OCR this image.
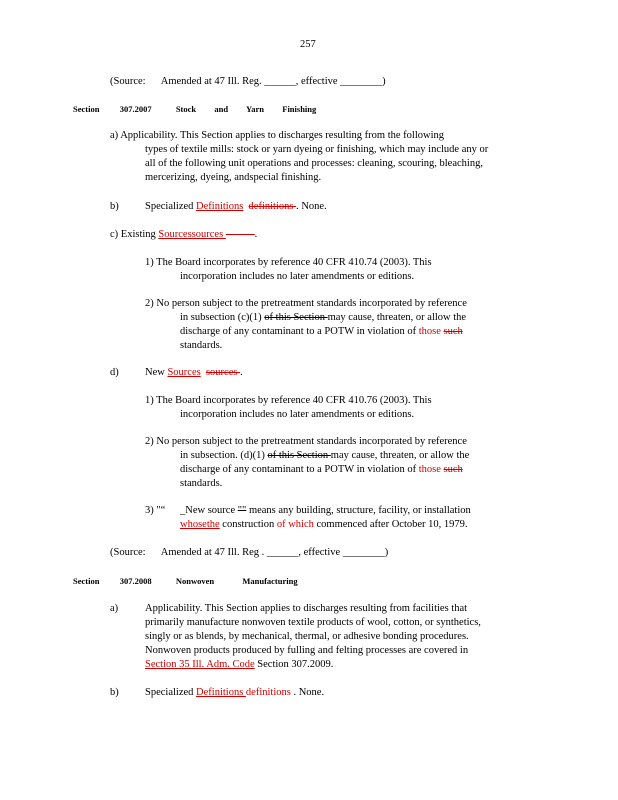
257
(Source: Amended at 47 Ill. Reg. ______, effective ________)
Section 307.2007	Stock and Yarn Finishing
a) Applicability. This Section applies to discharges resulting from the following
types of textile mills: stock or yarn dyeing or finishing, which may include any or
all of the following unit operations and processes: cleaning, scouring, bleaching,
mercerizing, dyeing, andspecial finishing.
b)	Specialized Definitions definitions . None.
c) Existing Sourcessources	.
1) The Board incorporates by reference 40 CFR 410.74 (2003). This
incorporation includes no later amendments or editions.
2) No person subject to the pretreatment standards incorporated by reference
in subsection (c)(1) of this Section may cause, threaten, or allow the
discharge of any contaminant to a POTW in violation of those such
standards.
d)	New Sources sources .
1) The Board incorporates by reference 40 CFR 410.76 (2003). This
incorporation includes no later amendments or editions.
2) No person subject to the pretreatment standards incorporated by reference
in subsection. (d)(1) of this Section may cause, threaten, or allow the
discharge of any contaminant to a POTW in violation of those such
standards.
3) "“ _New source "" means any building, structure, facility, or installation
whosethe construction of which commenced after October 10, 1979.
(Source: Amended at 47 Ill. Reg . ______, effective ________)
Section 307.2008	Nonwoven	Manufacturing
a)	Applicability. This Section applies to discharges resulting from facilities that
primarily manufacture nonwoven textile products of wool, cotton, or synthetics,
singly or as blends, by mechanical, thermal, or adhesive bonding procedures.
Nonwoven products produced by fulling and felting processes are covered in
Section 35 Ill. Adm. Code Section 307.2009.
b)	Specialized Definitions definitions . None.
